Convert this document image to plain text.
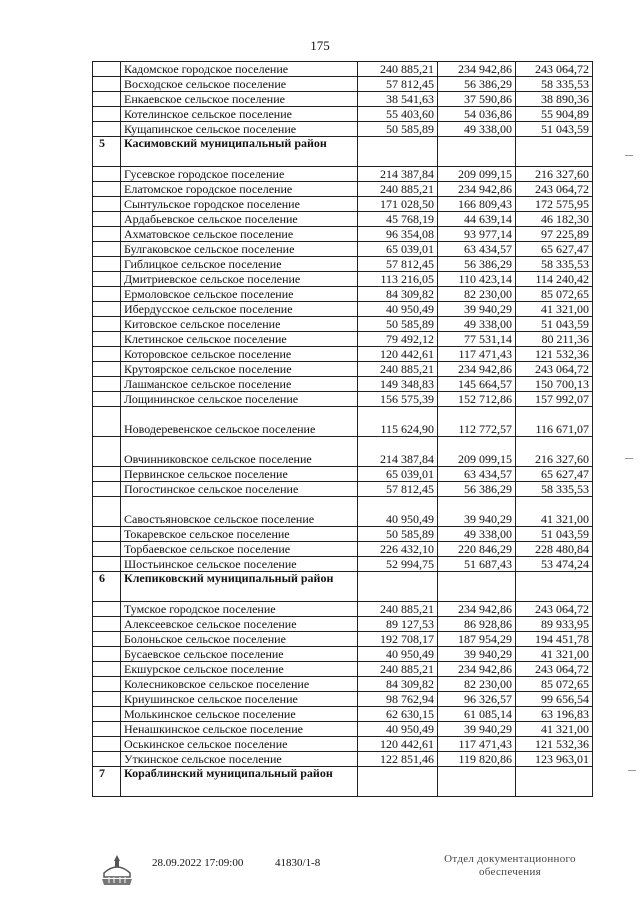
175
	Кадомское городское поселение	240 885,21	234 942,86	243 064,72
	Восходское сельское поселение	57 812,45	56 386,29	58 335,53
	Енкаевское сельское поселение	38 541,63	37 590,86	38 890,36
	Котелинское сельское поселение	55 403,60	54 036,86	55 904,89
	Кущапинское сельское поселение	50 585,89	49 338,00	51 043,59
5	Касимовский муниципальный район			
	Гусевское городское поселение	214 387,84	209 099,15	216 327,60
	Елатомское городское поселение	240 885,21	234 942,86	243 064,72
	Сынтульское городское поселение	171 028,50	166 809,43	172 575,95
	Ардабьевское сельское поселение	45 768,19	44 639,14	46 182,30
	Ахматовское сельское поселение	96 354,08	93 977,14	97 225,89
	Булгаковское сельское поселение	65 039,01	63 434,57	65 627,47
	Гиблицкое сельское поселение	57 812,45	56 386,29	58 335,53
	Дмитриевское сельское поселение	113 216,05	110 423,14	114 240,42
	Ермоловское сельское поселение	84 309,82	82 230,00	85 072,65
	Ибердусское сельское поселение	40 950,49	39 940,29	41 321,00
	Китовское сельское поселение	50 585,89	49 338,00	51 043,59
	Клетинское сельское поселение	79 492,12	77 531,14	80 211,36
	Которовское сельское поселение	120 442,61	117 471,43	121 532,36
	Крутоярское сельское поселение	240 885,21	234 942,86	243 064,72
	Лашманское сельское поселение	149 348,83	145 664,57	150 700,13
	Лощининское сельское поселение	156 575,39	152 712,86	157 992,07
	Новодеревенское сельское поселение	115 624,90	112 772,57	116 671,07
	Овчинниковское сельское поселение	214 387,84	209 099,15	216 327,60
	Первинское сельское поселение	65 039,01	63 434,57	65 627,47
	Погостинское сельское поселение	57 812,45	56 386,29	58 335,53
	Савостьяновское сельское поселение	40 950,49	39 940,29	41 321,00
	Токаревское сельское поселение	50 585,89	49 338,00	51 043,59
	Торбаевское сельское поселение	226 432,10	220 846,29	228 480,84
	Шостьинское сельское поселение	52 994,75	51 687,43	53 474,24
6	Клепиковский муниципальный район			
	Тумское городское поселение	240 885,21	234 942,86	243 064,72
	Алексеевское сельское поселение	89 127,53	86 928,86	89 933,95
	Болоньское сельское поселение	192 708,17	187 954,29	194 451,78
	Бусаевское сельское поселение	40 950,49	39 940,29	41 321,00
	Екшурское сельское поселение	240 885,21	234 942,86	243 064,72
	Колесниковское сельское поселение	84 309,82	82 230,00	85 072,65
	Криушинское сельское поселение	98 762,94	96 326,57	99 656,54
	Молькинское сельское поселение	62 630,15	61 085,14	63 196,83
	Ненашкинское сельское поселение	40 950,49	39 940,29	41 321,00
	Оськинское сельское поселение	120 442,61	117 471,43	121 532,36
	Уткинское сельское поселение	122 851,46	119 820,86	123 963,01
7	Кораблинский муниципальный район			
28.09.2022 17:09:00	41830/1-8	Отдел документационного
обеспечения
